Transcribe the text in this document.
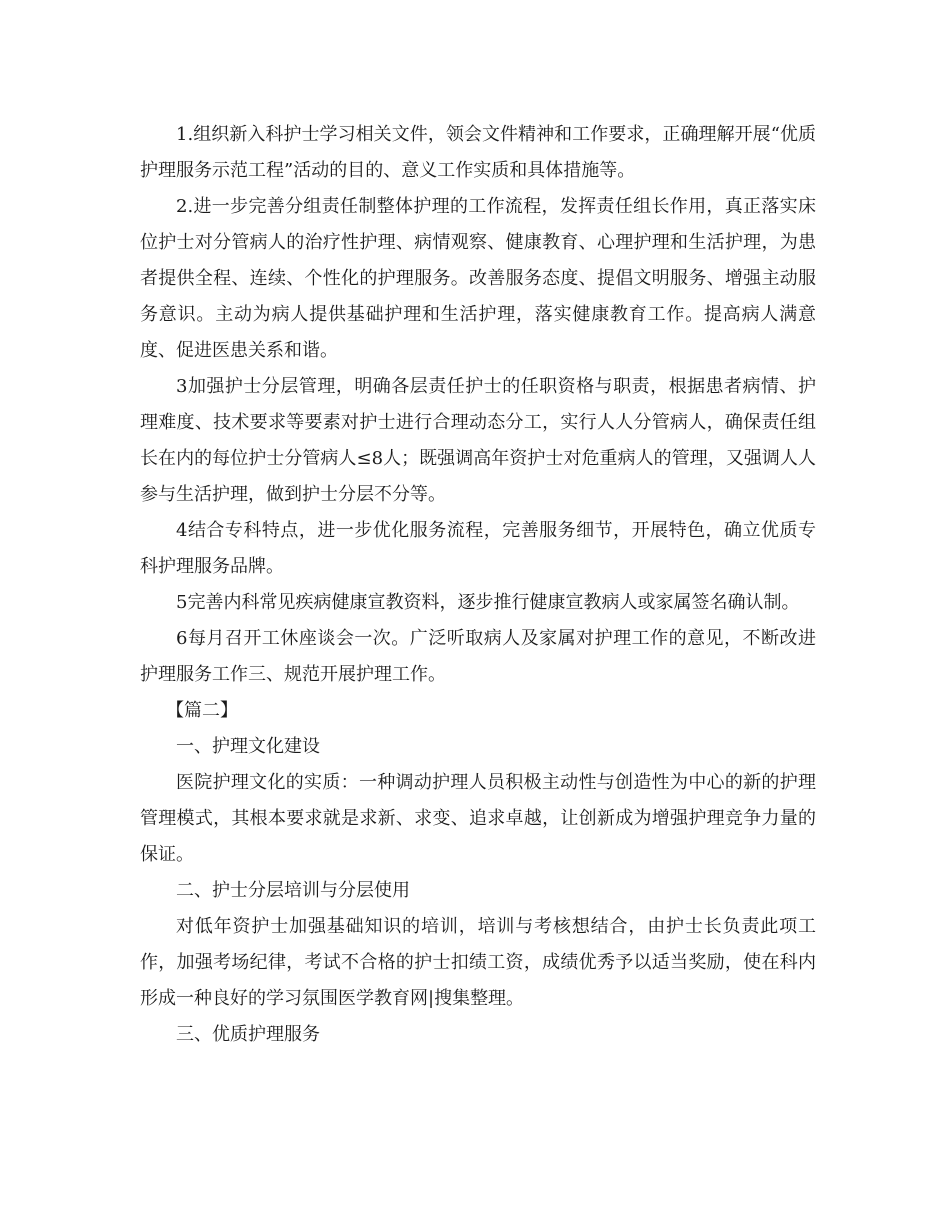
1.组织新入科护士学习相关文件，领会文件精神和工作要求，正确理解开展“优质护理服务示范工程”活动的目的、意义工作实质和具体措施等。

2.进一步完善分组责任制整体护理的工作流程，发挥责任组长作用，真正落实床位护士对分管病人的治疗性护理、病情观察、健康教育、心理护理和生活护理，为患者提供全程、连续、个性化的护理服务。改善服务态度、提倡文明服务、增强主动服务意识。主动为病人提供基础护理和生活护理，落实健康教育工作。提高病人满意度、促进医患关系和谐。

3加强护士分层管理，明确各层责任护士的任职资格与职责，根据患者病情、护理难度、技术要求等要素对护士进行合理动态分工，实行人人分管病人，确保责任组长在内的每位护士分管病人≤8人；既强调高年资护士对危重病人的管理，又强调人人参与生活护理，做到护士分层不分等。

4结合专科特点，进一步优化服务流程，完善服务细节，开展特色，确立优质专科护理服务品牌。

5完善内科常见疾病健康宣教资料，逐步推行健康宣教病人或家属签名确认制。

6每月召开工休座谈会一次。广泛听取病人及家属对护理工作的意见，不断改进护理服务工作三、规范开展护理工作。

【篇二】

一、护理文化建设

医院护理文化的实质：一种调动护理人员积极主动性与创造性为中心的新的护理管理模式，其根本要求就是求新、求变、追求卓越，让创新成为增强护理竞争力量的保证。

二、护士分层培训与分层使用

对低年资护士加强基础知识的培训，培训与考核想结合，由护士长负责此项工作，加强考场纪律，考试不合格的护士扣绩工资，成绩优秀予以适当奖励，使在科内形成一种良好的学习氛围医学教育网|搜集整理。

三、优质护理服务
